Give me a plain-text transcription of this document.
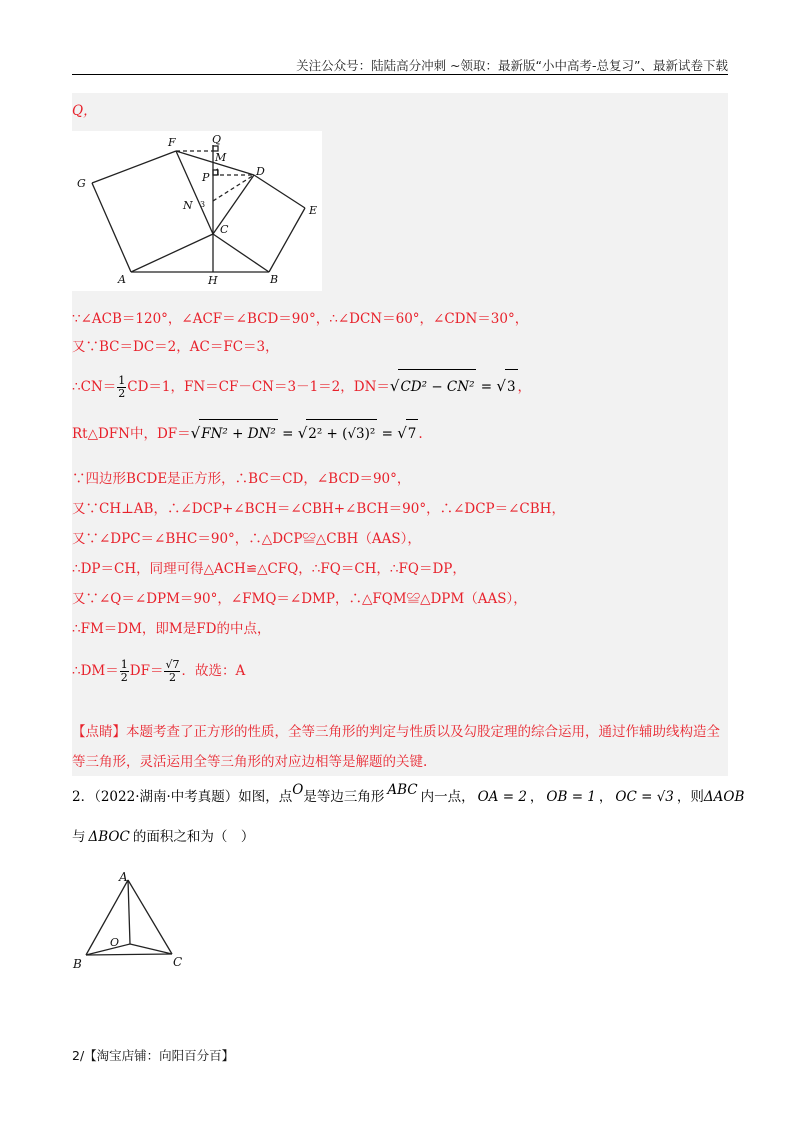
关注公众号：陆陆高分冲刺 ~领取：最新版“小中高考-总复习”、最新试卷下载
Q，
F	Q
M
P	D
G
N	E
C
A	H	B
1
3
∵∠ACB＝120°，∠ACF＝∠BCD＝90°，∴∠DCN＝60°，∠CDN＝30°，
又∵BC＝DC＝2，AC＝FC＝3，
∴CN＝ $\frac{1}{2} CD=1$，FN＝CF－CN＝3－1＝2，DN＝√CD² − CN² = √3 ，
Rt△DFN中，DF＝√FN² + DN² = √2² + (√3)² = √7 .
∵四边形BCDE是正方形，∴BC＝CD，∠BCD＝90°，
又∵CH⊥AB，∴∠DCP+∠BCH＝∠CBH+∠BCH＝90°，∴∠DCP＝∠CBH，
又∵∠DPC＝∠BHC＝90°，∴△DCP≌△CBH（AAS），
∴DP＝CH，同理可得△ACH≌△CFQ，∴FQ＝CH，∴FQ＝DP，
又∵∠Q＝∠DPM＝90°，∠FMQ＝∠DMP，∴△FQM≌△DPM（AAS），
∴FM＝DM，即M是FD的中点，
∴DM＝ $\frac{1}{2} DF= \frac{√7}{2}$ ．故选：A
【点睛】本题考查了正方形的性质，全等三角形的判定与性质以及勾股定理的综合运用，通过作辅助线构造全等三角形，灵活运用全等三角形的对应边相等是解题的关键.
2．（2022·湖南·中考真题）如图，点O是等边三角形 ABC 内一点， OA = 2 ， OB = 1 ， OC = √3 ，则ΔAOB
与 ΔBOC 的面积之和为（　）
A
O
B	C
2/【淘宝店铺：向阳百分百】
